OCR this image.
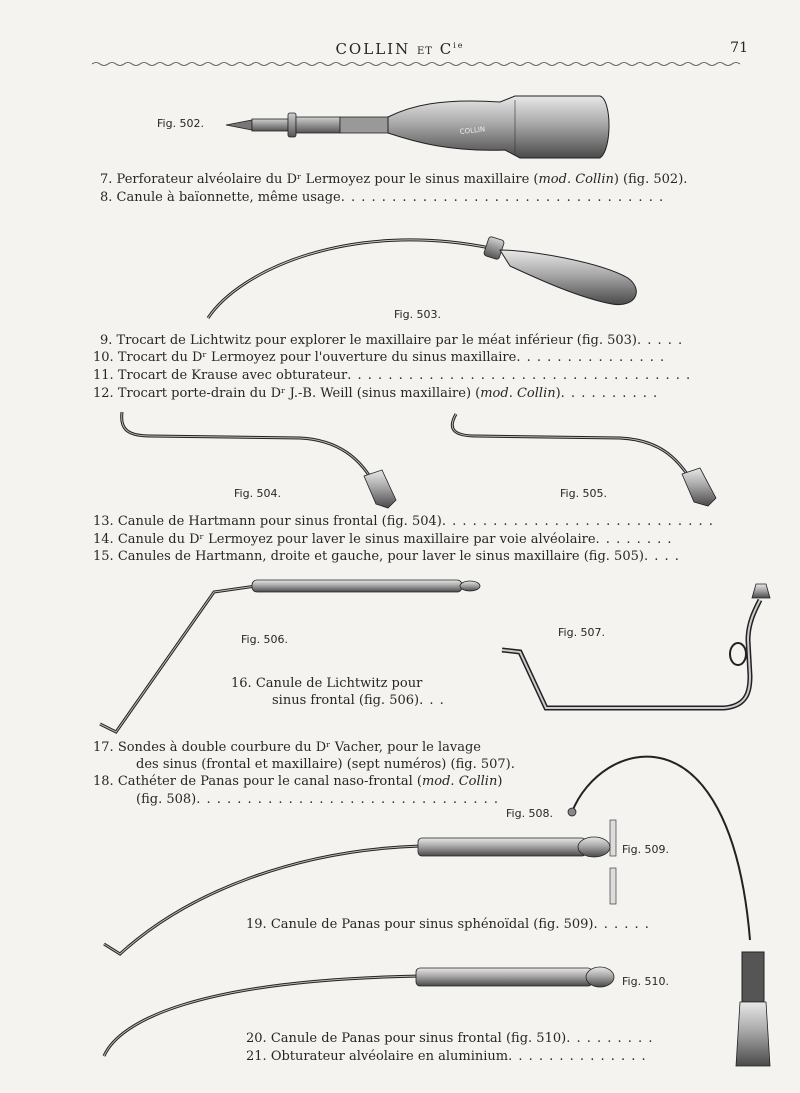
COLLIN ET $C^{ie}$	71
COLLIN
Fig. 502.
Fig. 503.
Fig. 504.	Fig. 505.
Fig. 506.
Fig. 507.
Fig. 508.
Fig. 509.
Fig. 510.
7. Perforateur alvéolaire du Dʳ Lermoyez pour le sinus maxillaire (mod. Collin) (fig. 502).
8. Canule à baïonnette, même usage. . . . . . . . . . . . . . . . . . . . . . . . . . . . . . . .
9. Trocart de Lichtwitz pour explorer le maxillaire par le méat inférieur (fig. 503). . . . .
10. Trocart du Dʳ Lermoyez pour l'ouverture du sinus maxillaire. . . . . . . . . . . . . . .
11. Trocart de Krause avec obturateur. . . . . . . . . . . . . . . . . . . . . . . . . . . . . . . . . .
12. Trocart porte-drain du Dʳ J.-B. Weill (sinus maxillaire) (mod. Collin). . . . . . . . . .
13. Canule de Hartmann pour sinus frontal (fig. 504). . . . . . . . . . . . . . . . . . . . . . . . . . .
14. Canule du Dʳ Lermoyez pour laver le sinus maxillaire par voie alvéolaire. . . . . . . .
15. Canules de Hartmann, droite et gauche, pour laver le sinus maxillaire (fig. 505). . . .
16. Canule de Lichtwitz pour
sinus frontal (fig. 506). . .
17. Sondes à double courbure du Dʳ Vacher, pour le lavage
des sinus (frontal et maxillaire) (sept numéros) (fig. 507).
18. Cathéter de Panas pour le canal naso-frontal (mod. Collin)
(fig. 508). . . . . . . . . . . . . . . . . . . . . . . . . . . . . .
19. Canule de Panas pour sinus sphénoïdal (fig. 509). . . . . .
20. Canule de Panas pour sinus frontal (fig. 510). . . . . . . . .
21. Obturateur alvéolaire en aluminium. . . . . . . . . . . . . .
